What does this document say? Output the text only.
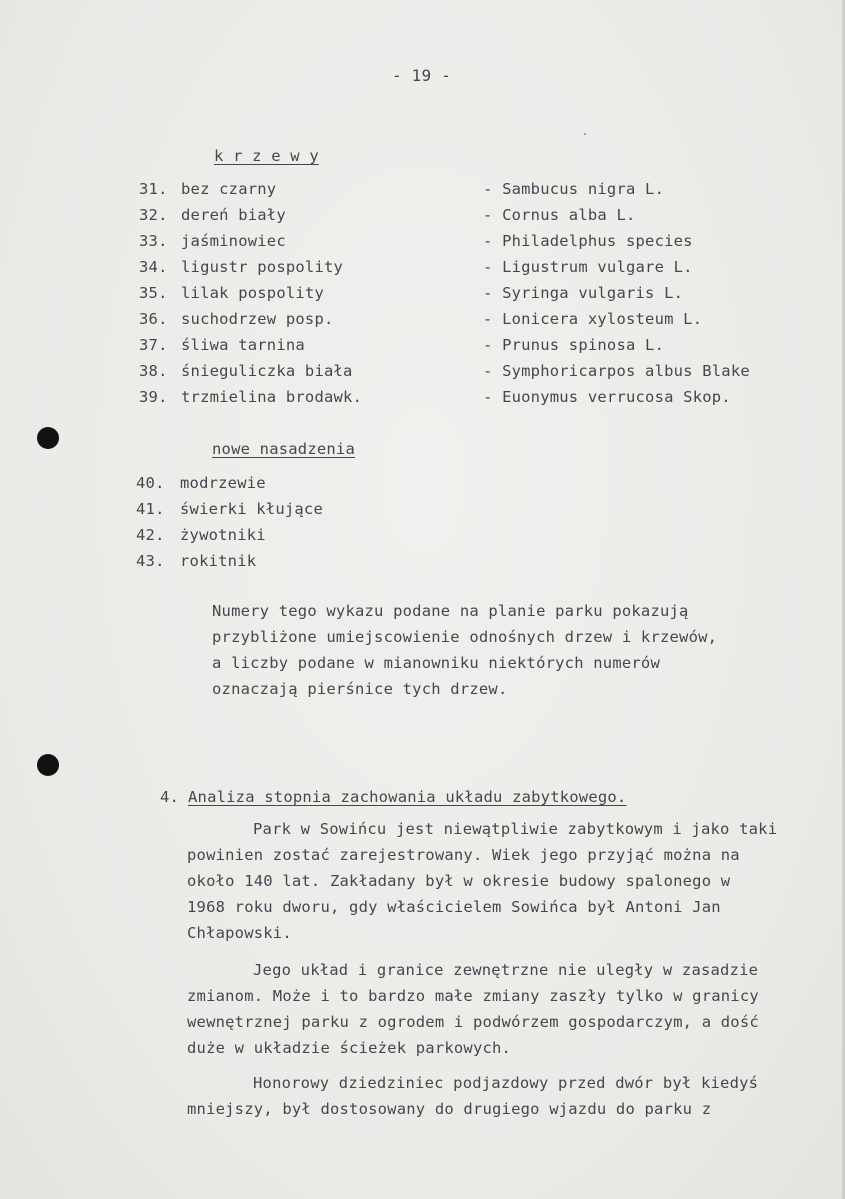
- 19 -
k r z e w y
31. bez czarny	- Sambucus nigra L.
32. dereń biały	- Cornus alba L.
33. jaśminowiec	- Philadelphus species
34. ligustr pospolity	- Ligustrum vulgare L.
35. lilak pospolity	- Syringa vulgaris L.
36. suchodrzew posp.	- Lonicera xylosteum L.
37. śliwa tarnina	- Prunus spinosa L.
38. śnieguliczka biała	- Symphoricarpos albus Blake
39. trzmielina brodawk.	- Euonymus verrucosa Skop.
nowe nasadzenia
40. modrzewie
41. świerki kłujące
42. żywotniki
43. rokitnik
Numery tego wykazu podane na planie parku pokazują
przybliżone umiejscowienie odnośnych drzew i krzewów,
a liczby podane w mianowniku niektórych numerów
oznaczają pierśnice tych drzew.
4. Analiza stopnia zachowania układu zabytkowego.
Park w Sowińcu jest niewątpliwie zabytkowym i jako taki
powinien zostać zarejestrowany. Wiek jego przyjąć można na
około 140 lat. Zakładany był w okresie budowy spalonego w
1968 roku dworu, gdy właścicielem Sowińca był Antoni Jan
Chłapowski.
Jego układ i granice zewnętrzne nie uległy w zasadzie
zmianom. Może i to bardzo małe zmiany zaszły tylko w granicy
wewnętrznej parku z ogrodem i podwórzem gospodarczym, a dość
duże w układzie ścieżek parkowych.
Honorowy dziedziniec podjazdowy przed dwór był kiedyś
mniejszy, był dostosowany do drugiego wjazdu do parku z
